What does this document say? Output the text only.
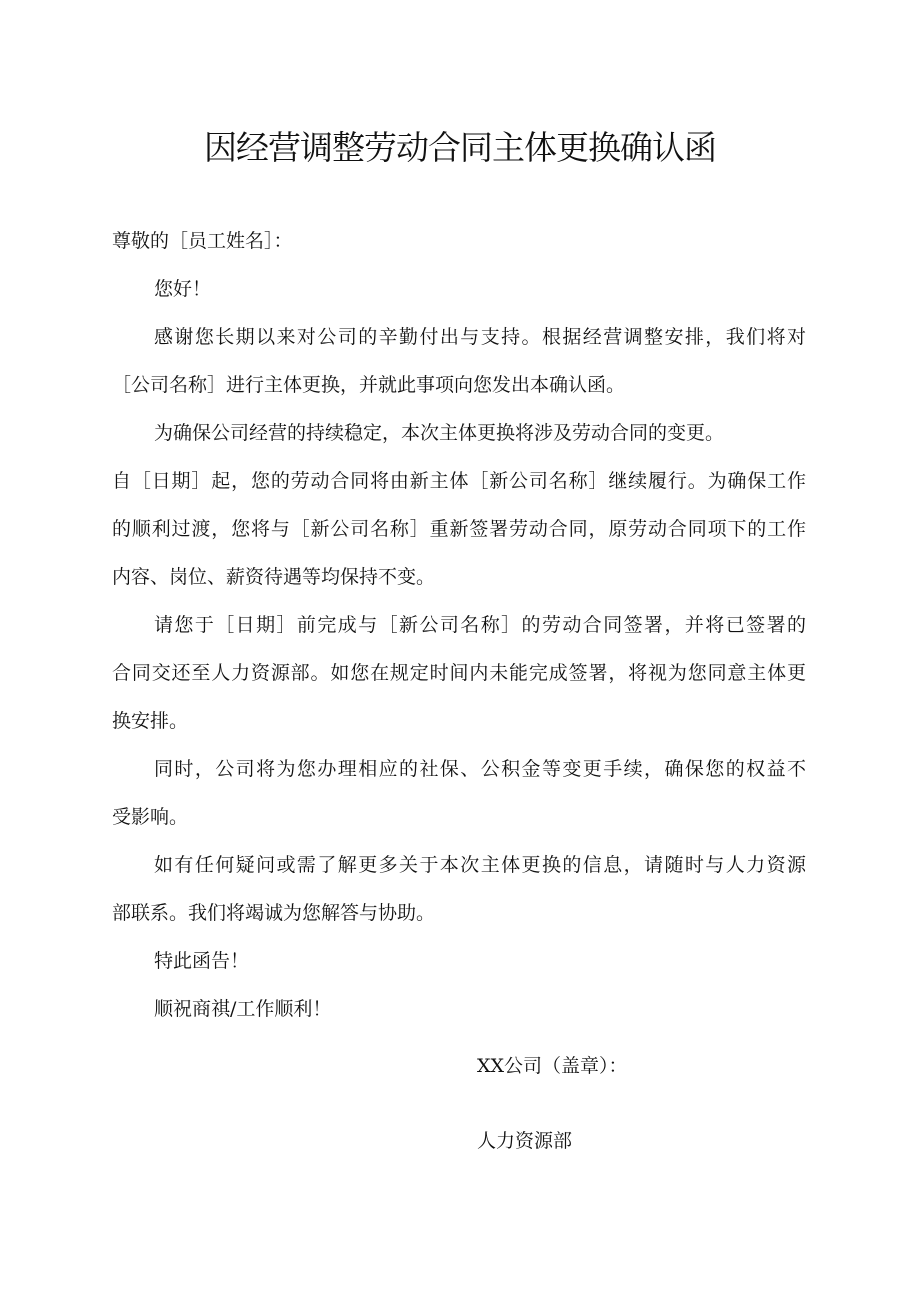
因经营调整劳动合同主体更换确认函

尊敬的［员工姓名］：

您好！

感谢您长期以来对公司的辛勤付出与支持。根据经营调整安排，我们将对

［公司名称］进行主体更换，并就此事项向您发出本确认函。

为确保公司经营的持续稳定，本次主体更换将涉及劳动合同的变更。

自［日期］起，您的劳动合同将由新主体［新公司名称］继续履行。为确保工作

的顺利过渡，您将与［新公司名称］重新签署劳动合同，原劳动合同项下的工作

内容、岗位、薪资待遇等均保持不变。

请您于［日期］前完成与［新公司名称］的劳动合同签署，并将已签署的

合同交还至人力资源部。如您在规定时间内未能完成签署，将视为您同意主体更

换安排。

同时，公司将为您办理相应的社保、公积金等变更手续，确保您的权益不

受影响。

如有任何疑问或需了解更多关于本次主体更换的信息，请随时与人力资源

部联系。我们将竭诚为您解答与协助。

特此函告！

顺祝商祺/工作顺利！

XX公司（盖章）：
人力资源部
